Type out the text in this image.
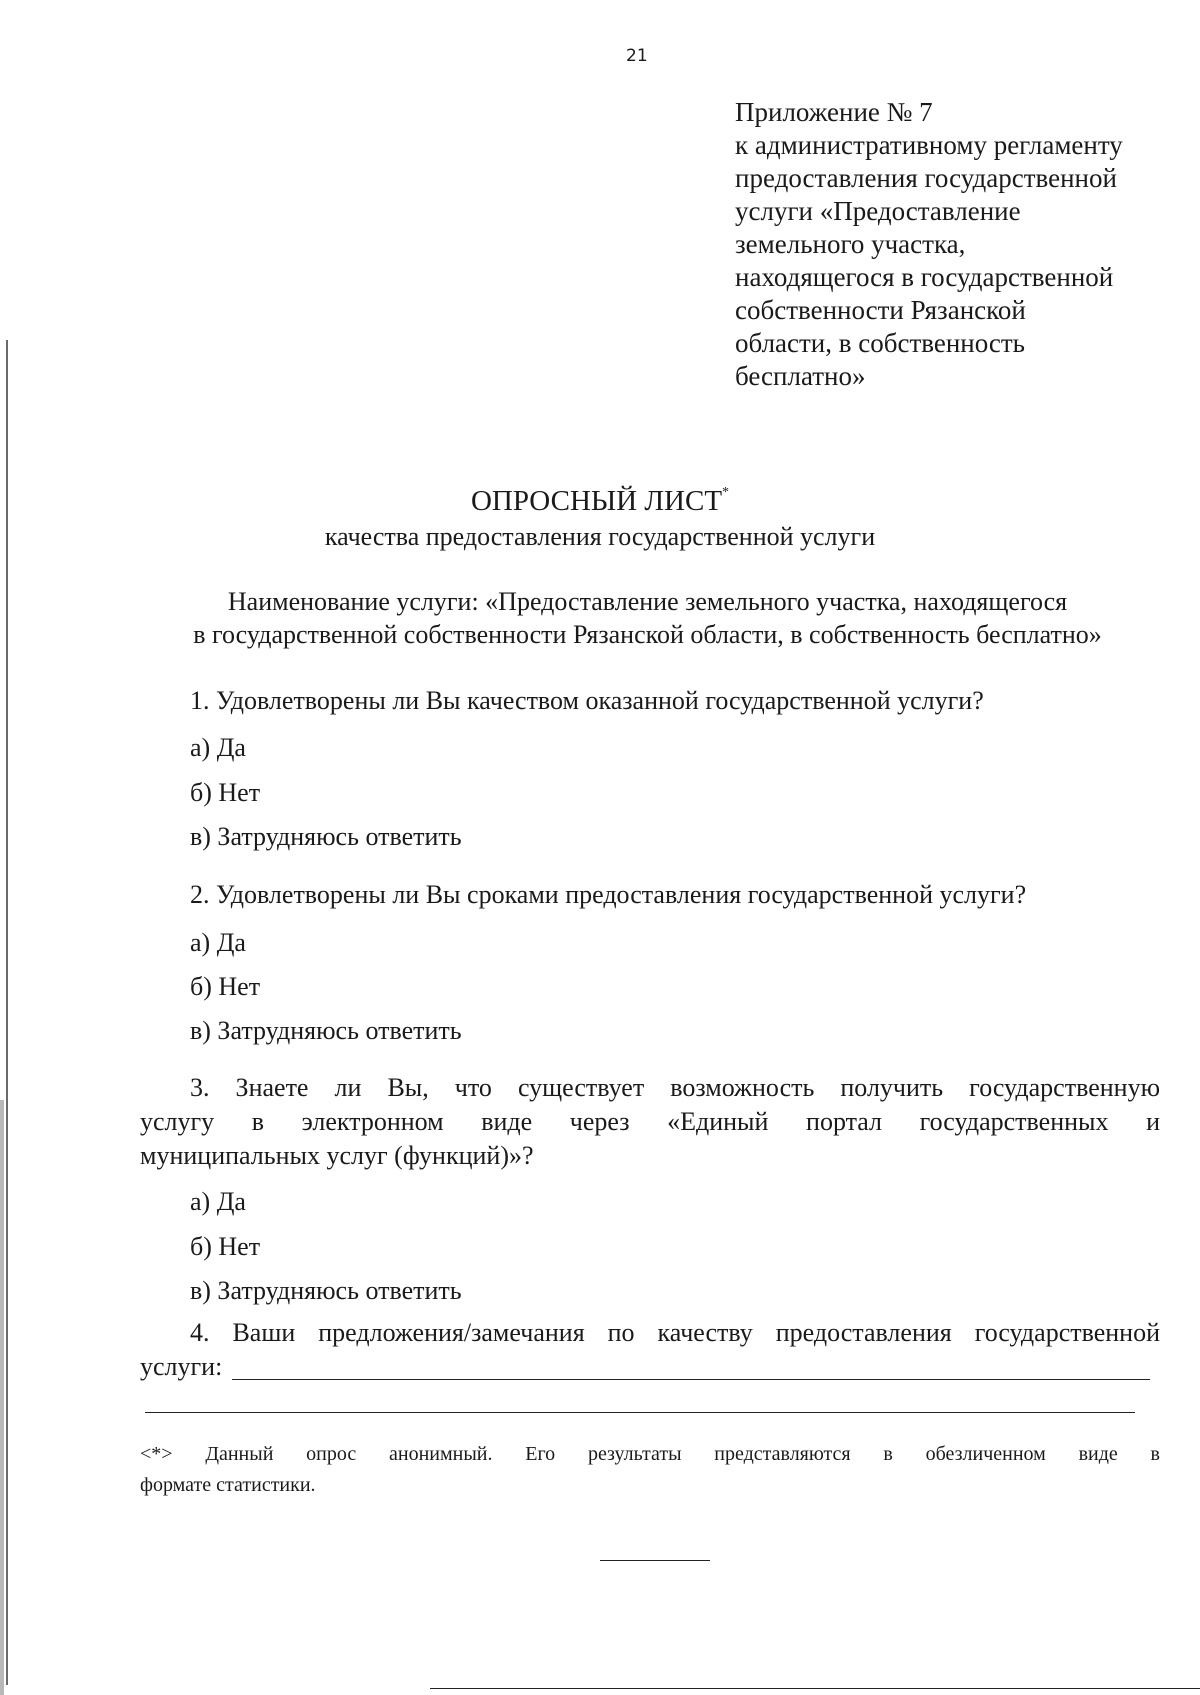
21
Приложение № 7
к административному регламенту
предоставления государственной
услуги «Предоставление
земельного участка,
находящегося в государственной
собственности Рязанской
области, в собственность
бесплатно»
ОПРОСНЫЙ ЛИСТ*
качества предоставления государственной услуги
Наименование услуги: «Предоставление земельного участка, находящегося
в государственной собственности Рязанской области, в собственность бесплатно»
1. Удовлетворены ли Вы качеством оказанной государственной услуги?
а) Да
б) Нет
в) Затрудняюсь ответить
2. Удовлетворены ли Вы сроками предоставления государственной услуги?
а) Да
б) Нет
в) Затрудняюсь ответить
3. Знаете ли Вы, что существует возможность получить государственную
услугу в электронном виде через «Единый портал государственных и
муниципальных услуг (функций)»?
а) Да
б) Нет
в) Затрудняюсь ответить
4. Ваши предложения/замечания по качеству предоставления государственной
услуги:
<*> Данный опрос анонимный. Его результаты представляются в обезличенном виде в
формате статистики.
